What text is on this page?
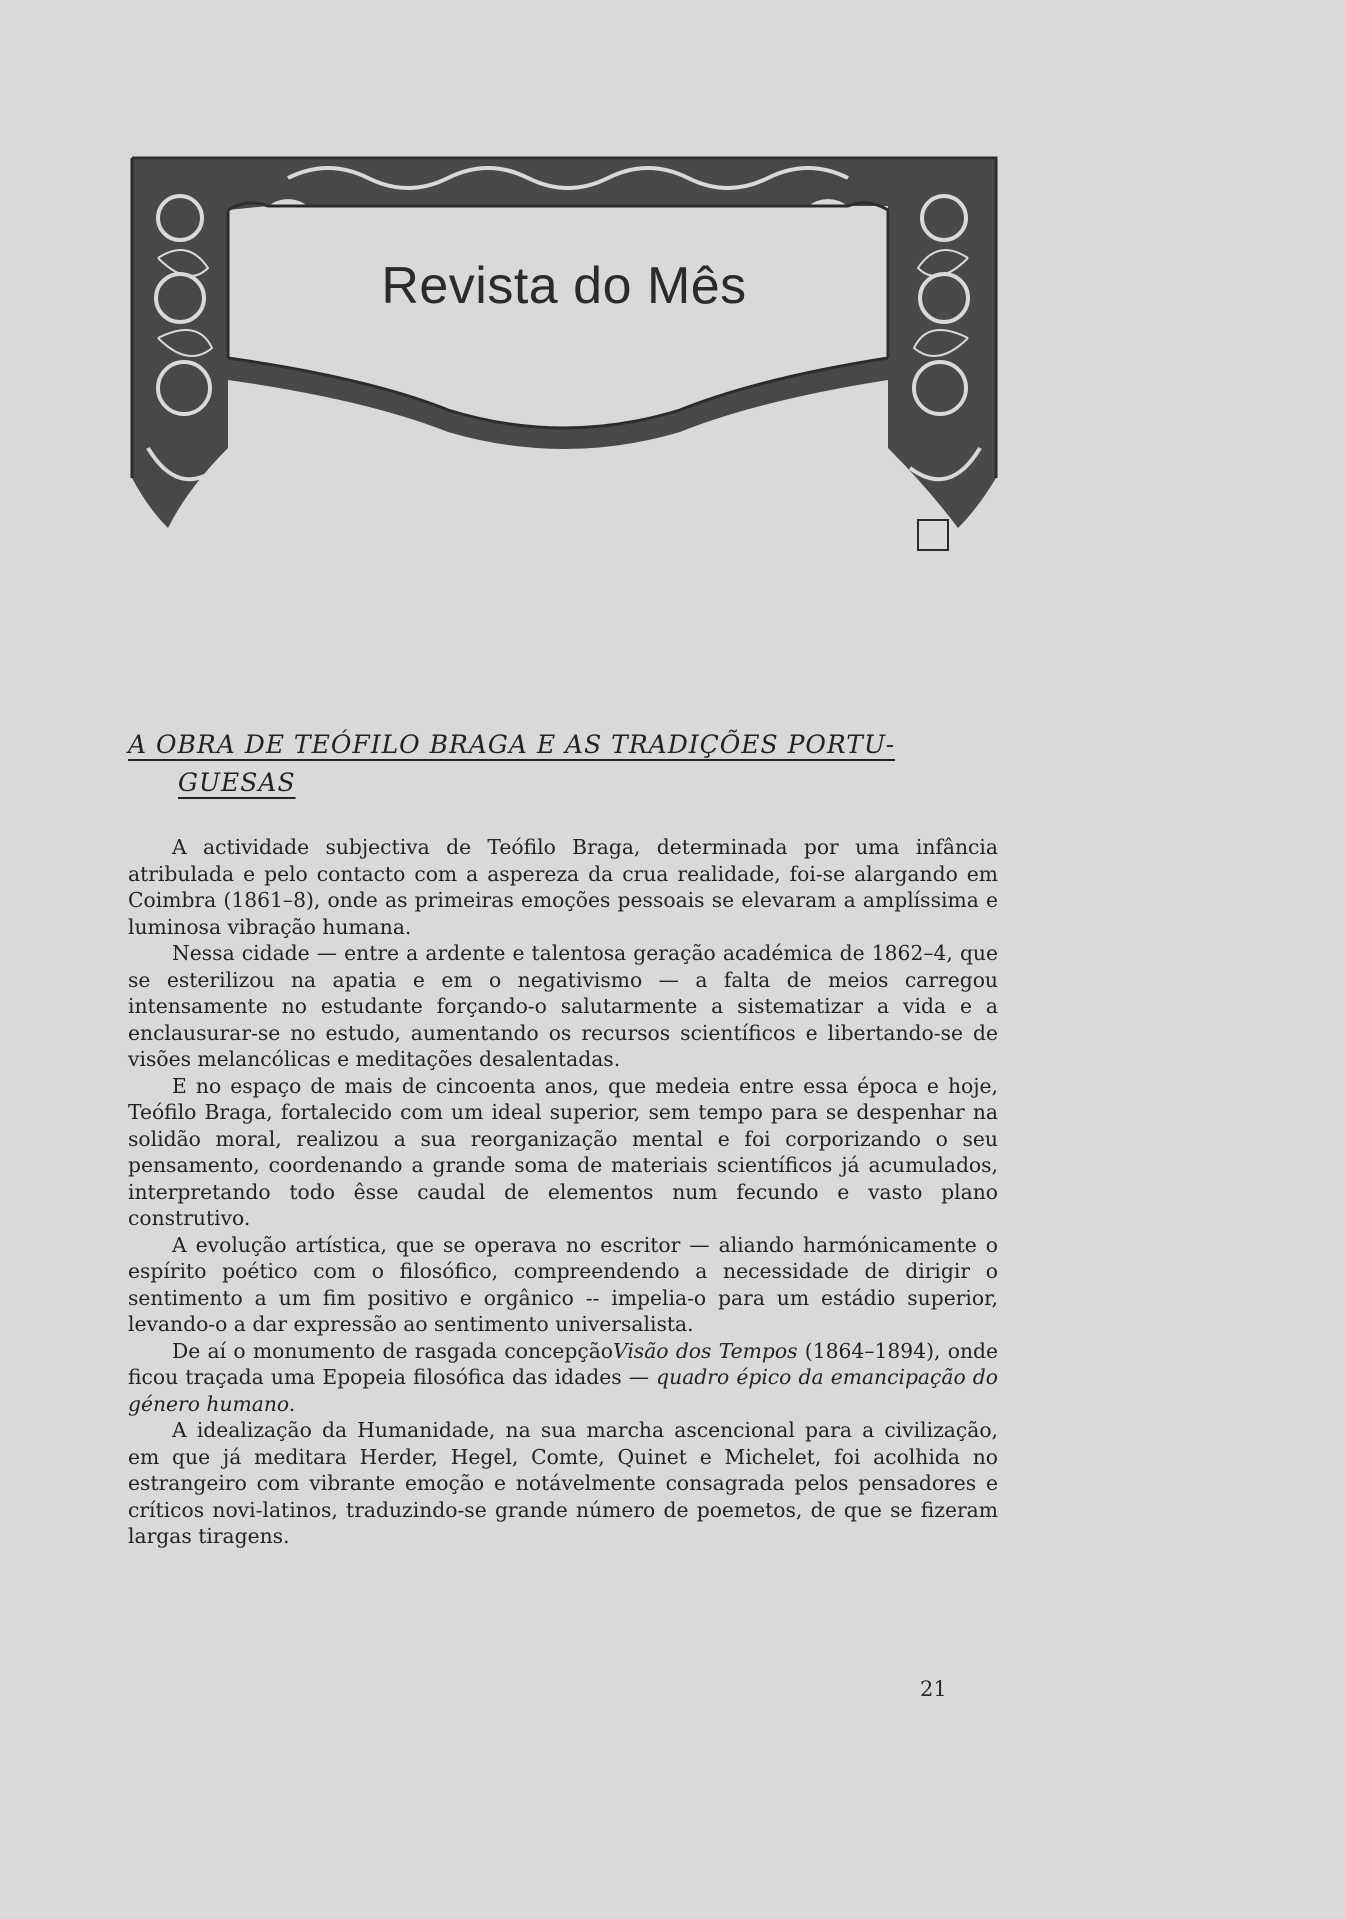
Revista do Mês
A OBRA DE TEÓFILO BRAGA E AS TRADIÇÕES PORTU-
GUESAS

A actividade subjectiva de Teófilo Braga, determinada por uma infância atribulada e pelo contacto com a aspereza da crua realidade, foi-se alargando em Coimbra (1861–8), onde as primeiras emoções pessoais se elevaram a amplíssima e luminosa vibração humana.

Nessa cidade — entre a ardente e talentosa geração académica de 1862–4, que se esterilizou na apatia e em o negativismo — a falta de meios carregou intensamente no estudante forçando-o salutarmente a sistematizar a vida e a enclausurar-se no estudo, aumentando os recursos scientíficos e libertando-se de visões melancólicas e meditações desalentadas.

E no espaço de mais de cincoenta anos, que medeia entre essa época e hoje, Teófilo Braga, fortalecido com um ideal superior, sem tempo para se despenhar na solidão moral, realizou a sua reorganização mental e foi corporizando o seu pensamento, coordenando a grande soma de materiais scientíficos já acumulados, interpretando todo êsse caudal de elementos num fecundo e vasto plano construtivo.

A evolução artística, que se operava no escritor — aliando harmónicamente o espírito poético com o filosófico, compreendendo a necessidade de dirigir o sentimento a um fim positivo e orgânico -- impelia-o para um estádio superior, levando-o a dar expressão ao sentimento universalista.

De aí o monumento de rasgada concepçãoVisão dos Tempos (1864–1894), onde ficou traçada uma Epopeia filosófica das idades — quadro épico da emancipação do género humano.

A idealização da Humanidade, na sua marcha ascencional para a civilização, em que já meditara Herder, Hegel, Comte, Quinet e Michelet, foi acolhida no estrangeiro com vibrante emoção e notávelmente consagrada pelos pensadores e críticos novi-latinos, traduzindo-se grande número de poemetos, de que se fizeram largas tiragens.

21
